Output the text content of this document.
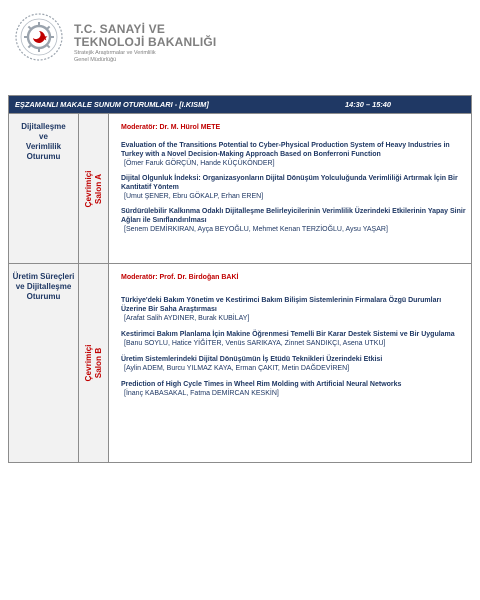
T.C. SANAYİ VE
TEKNOLOJİ BAKANLIĞI
Stratejik Araştırmalar ve Verimlilik
Genel Müdürlüğü
EŞZAMANLI MAKALE SUNUM OTURUMLARI - [I.KISIM]	14:30 – 15:40
Dijitalleşme
ve
Verimlilik
Oturumu
Çevrimiçi Salon A
Moderatör: Dr. M. Hürol METE
Evaluation of the Transitions Potential to Cyber-Physical Production System of Heavy Industries in Turkey with a Novel Decision-Making Approach Based on Bonferroni Function
[Ömer Faruk GÖRÇÜN, Hande KÜÇÜKÖNDER]
Dijital Olgunluk İndeksi: Organizasyonların Dijital Dönüşüm Yolculuğunda Verimliliği Artırmak İçin Bir Kantitatif Yöntem
[Umut ŞENER, Ebru GÖKALP, Erhan EREN]
Sürdürülebilir Kalkınma Odaklı Dijitalleşme Belirleyicilerinin Verimlilik Üzerindeki Etkilerinin Yapay Sinir Ağları ile Sınıflandırılması
[Senem DEMİRKIRAN, Ayça BEYOĞLU, Mehmet Kenan TERZİOĞLU, Aysu YAŞAR]
Üretim Süreçleri
ve Dijitalleşme
Oturumu
Çevrimiçi Salon B
Moderatör: Prof. Dr. Birdoğan BAKİ
Türkiye'deki Bakım Yönetim ve Kestirimci Bakım Bilişim Sistemlerinin Firmalara Özgü Durumları Üzerine Bir Saha Araştırması
[Arafat Salih AYDINER, Burak KUBİLAY]
Kestirimci Bakım Planlama İçin Makine Öğrenmesi Temelli Bir Karar Destek Sistemi ve Bir Uygulama
[Banu SOYLU, Hatice YİĞİTER, Venüs SARIKAYA, Zinnet SANDIKÇI, Asena UTKU]
Üretim Sistemlerindeki Dijital Dönüşümün İş Etüdü Teknikleri Üzerindeki Etkisi
[Aylin ADEM, Burcu YILMAZ KAYA, Erman ÇAKIT, Metin DAĞDEVİREN]
Prediction of High Cycle Times in Wheel Rim Molding with Artificial Neural Networks
[İnanç KABASAKAL, Fatma DEMİRCAN KESKİN]
